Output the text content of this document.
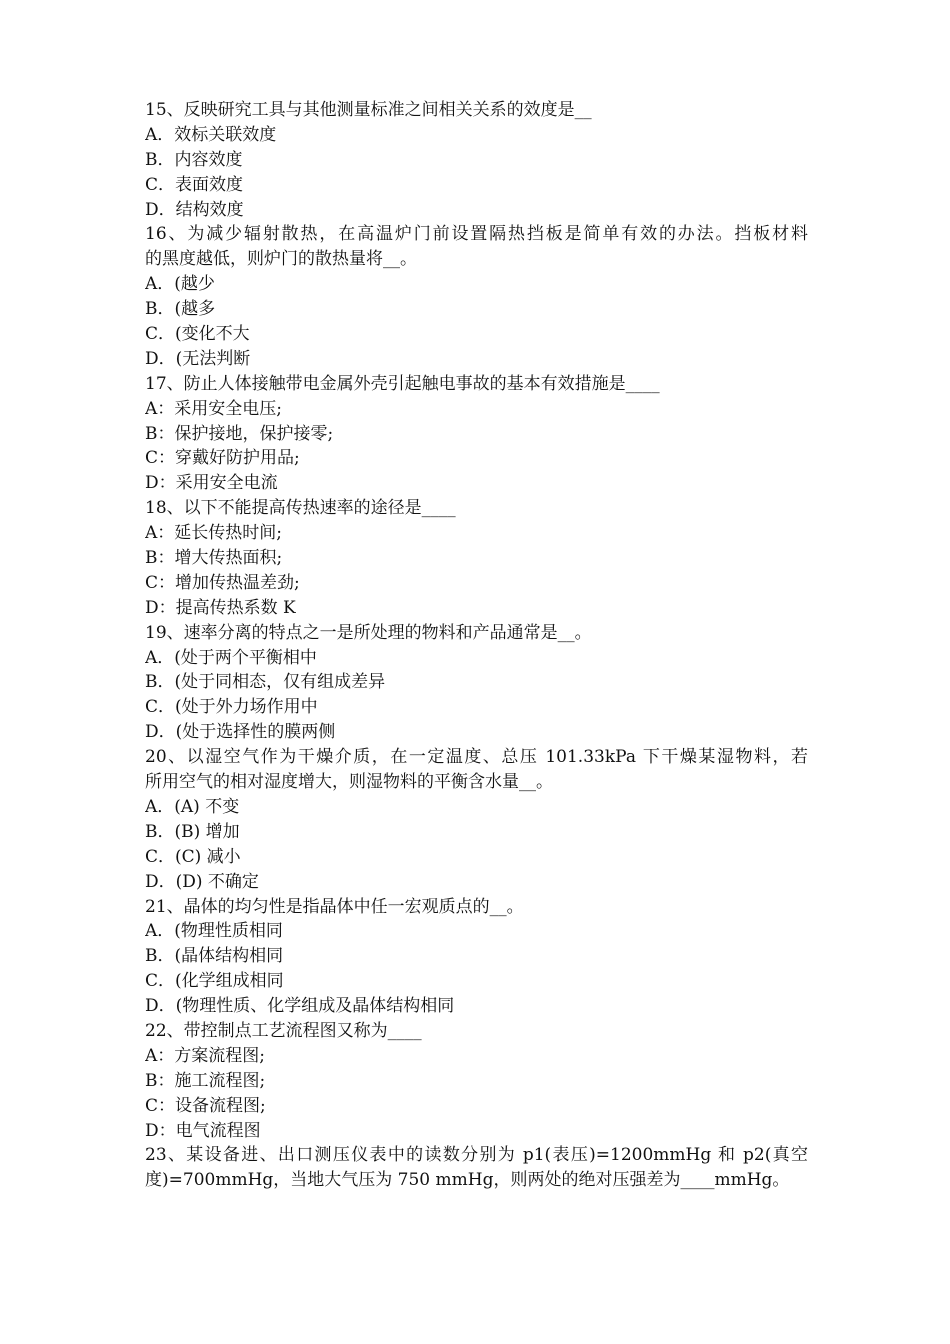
15、反映研究工具与其他测量标准之间相关关系的效度是__
A．效标关联效度
B．内容效度
C．表面效度
D．结构效度
16、为减少辐射散热，在高温炉门前设置隔热挡板是简单有效的办法。挡板材料
的黑度越低，则炉门的散热量将__。
A．(越少
B．(越多
C．(变化不大
D．(无法判断
17、防止人体接触带电金属外壳引起触电事故的基本有效措施是____
A：采用安全电压;
B：保护接地，保护接零;
C：穿戴好防护用品;
D：采用安全电流
18、以下不能提高传热速率的途径是____
A：延长传热时间;
B：增大传热面积;
C：增加传热温差劲;
D：提高传热系数 K
19、速率分离的特点之一是所处理的物料和产品通常是__。
A．(处于两个平衡相中
B．(处于同相态，仅有组成差异
C．(处于外力场作用中
D．(处于选择性的膜两侧
20、以湿空气作为干燥介质，在一定温度、总压 101.33kPa 下干燥某湿物料，若
所用空气的相对湿度增大，则湿物料的平衡含水量__。
A．(A) 不变
B．(B) 增加
C．(C) 减小
D．(D) 不确定
21、晶体的均匀性是指晶体中任一宏观质点的__。
A．(物理性质相同
B．(晶体结构相同
C．(化学组成相同
D．(物理性质、化学组成及晶体结构相同
22、带控制点工艺流程图又称为____
A：方案流程图;
B：施工流程图;
C：设备流程图;
D：电气流程图
23、某设备进、出口测压仪表中的读数分别为 p1(表压)=1200mmHg 和 p2(真空
度)=700mmHg，当地大气压为 750 mmHg，则两处的绝对压强差为____mmHg。
